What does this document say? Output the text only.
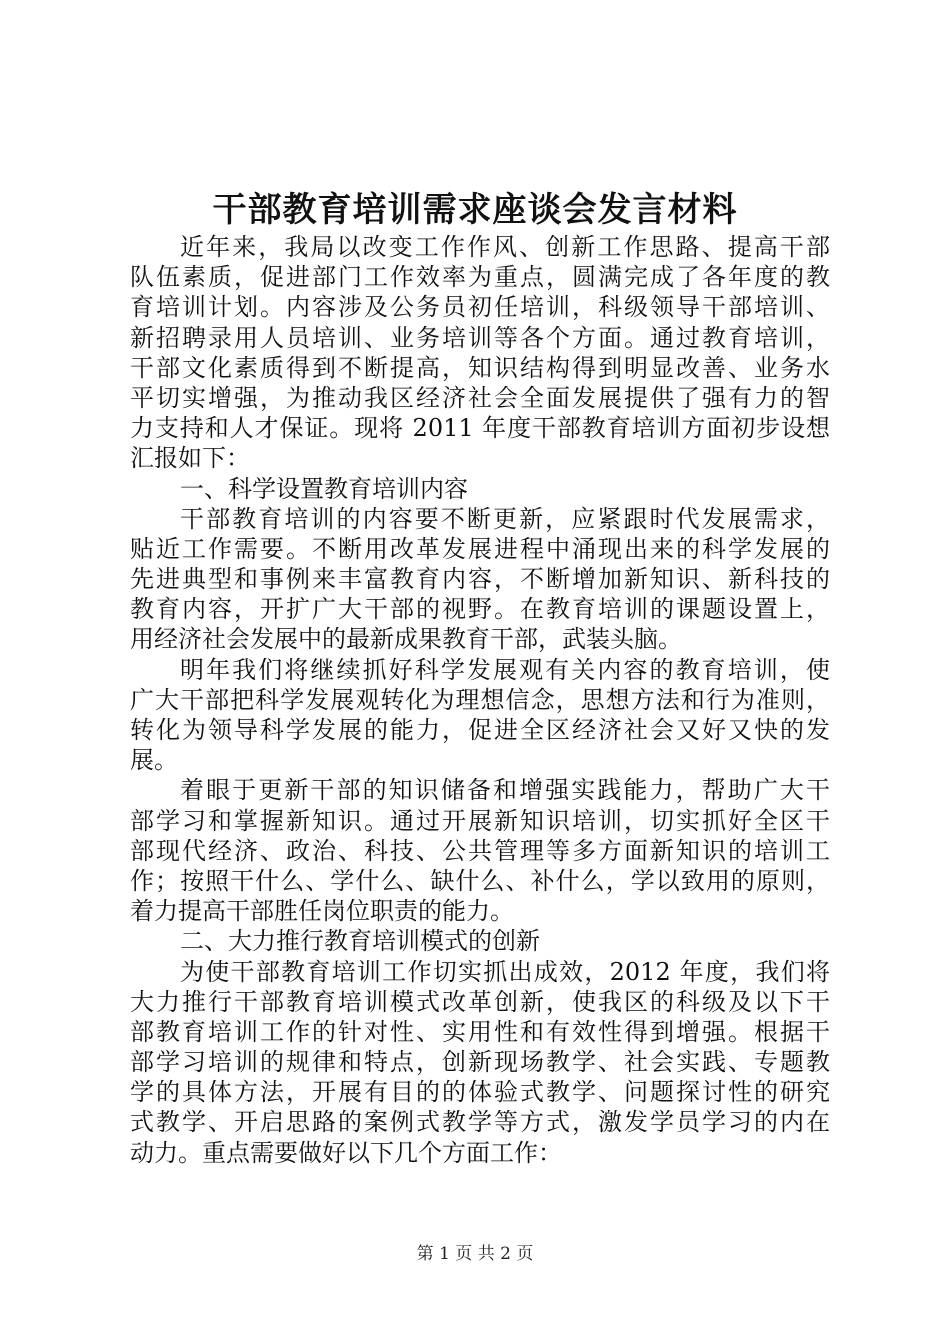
干部教育培训需求座谈会发言材料
近年来，我局以改变工作作风、创新工作思路、提高干部
队伍素质，促进部门工作效率为重点，圆满完成了各年度的教
育培训计划。内容涉及公务员初任培训，科级领导干部培训、
新招聘录用人员培训、业务培训等各个方面。通过教育培训，
干部文化素质得到不断提高，知识结构得到明显改善、业务水
平切实增强，为推动我区经济社会全面发展提供了强有力的智
力支持和人才保证。现将 2011 年度干部教育培训方面初步设想
汇报如下：
一、科学设置教育培训内容
干部教育培训的内容要不断更新，应紧跟时代发展需求，
贴近工作需要。不断用改革发展进程中涌现出来的科学发展的
先进典型和事例来丰富教育内容，不断增加新知识、新科技的
教育内容，开扩广大干部的视野。在教育培训的课题设置上，
用经济社会发展中的最新成果教育干部，武装头脑。
明年我们将继续抓好科学发展观有关内容的教育培训，使
广大干部把科学发展观转化为理想信念，思想方法和行为准则，
转化为领导科学发展的能力，促进全区经济社会又好又快的发
展。
着眼于更新干部的知识储备和增强实践能力，帮助广大干
部学习和掌握新知识。通过开展新知识培训，切实抓好全区干
部现代经济、政治、科技、公共管理等多方面新知识的培训工
作；按照干什么、学什么、缺什么、补什么，学以致用的原则，
着力提高干部胜任岗位职责的能力。
二、大力推行教育培训模式的创新
为使干部教育培训工作切实抓出成效，2012 年度，我们将
大力推行干部教育培训模式改革创新，使我区的科级及以下干
部教育培训工作的针对性、实用性和有效性得到增强。根据干
部学习培训的规律和特点，创新现场教学、社会实践、专题教
学的具体方法，开展有目的的体验式教学、问题探讨性的研究
式教学、开启思路的案例式教学等方式，激发学员学习的内在
动力。重点需要做好以下几个方面工作：
第 1 页 共 2 页
